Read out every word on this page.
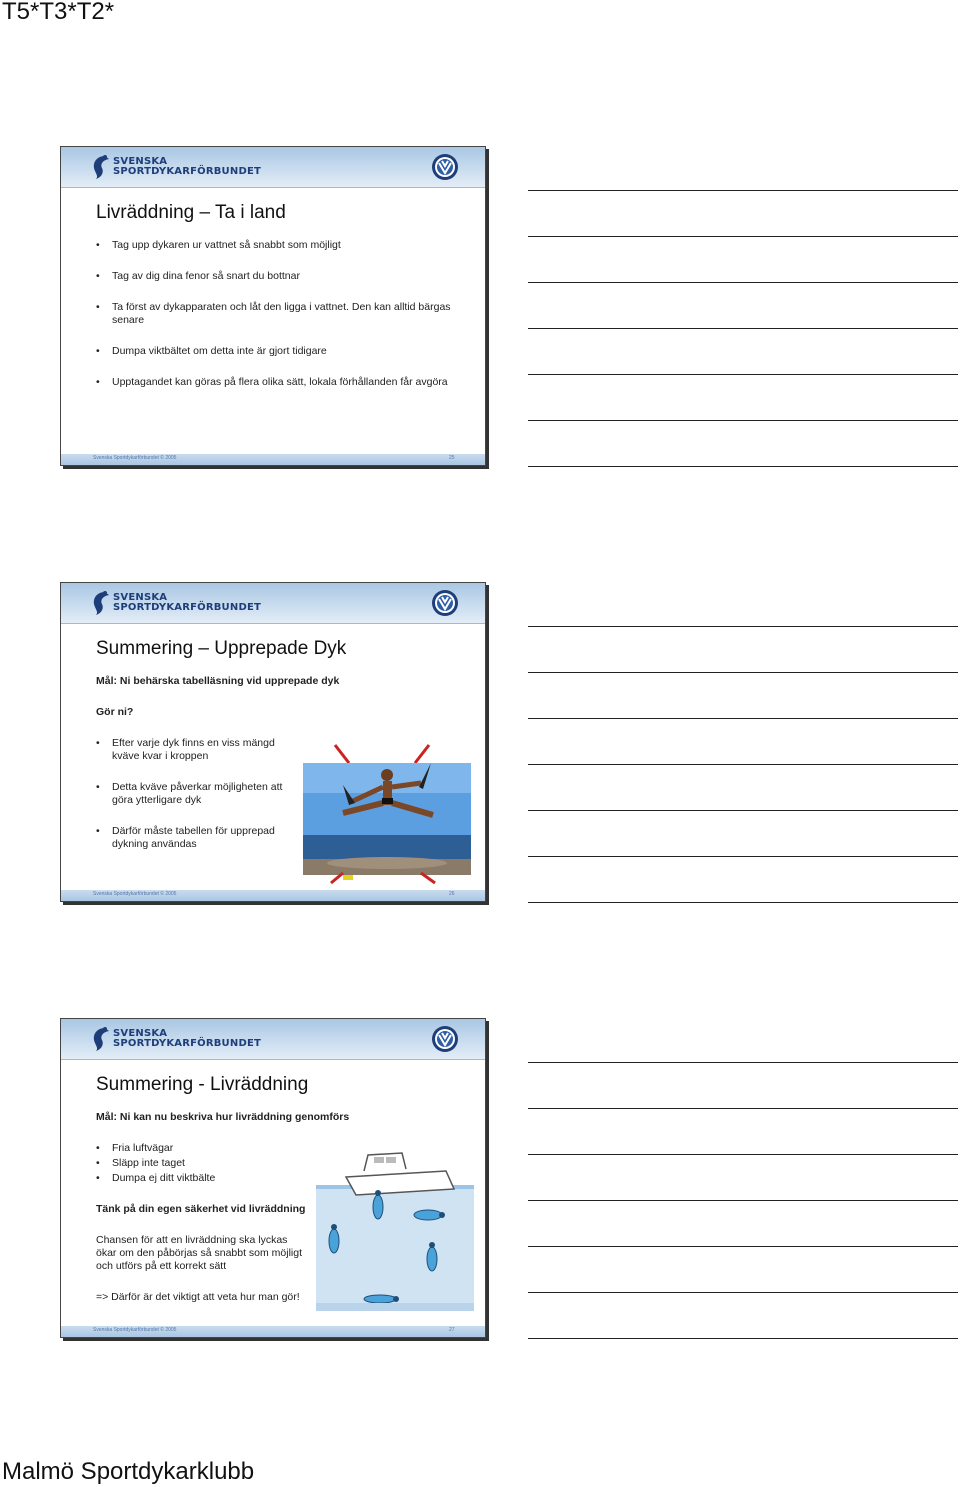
T5*T3*T2*
SVENSKA
SPORTDYKARFÖRBUNDET
Livräddning – Ta i land
• Tag upp dykaren ur vattnet så snabbt som möjligt
• Tag av dig dina fenor så snart du bottnar
• Ta först av dykapparaten och låt den ligga i vattnet. Den kan alltid bärgas senare
• Dumpa viktbältet om detta inte är gjort tidigare
• Upptagandet kan göras på flera olika sätt, lokala förhållanden får avgöra
Svenska Sportdykarförbundet © 2005	25
SVENSKA
SPORTDYKARFÖRBUNDET
Summering – Upprepade Dyk
Mål: Ni behärska tabelläsning vid upprepade dyk
Gör ni?
• Efter varje dyk finns en viss mängd kväve kvar i kroppen
• Detta kväve påverkar möjligheten att göra ytterligare dyk
• Därför måste tabellen för upprepad dykning användas
Svenska Sportdykarförbundet © 2005	26
SVENSKA
SPORTDYKARFÖRBUNDET
Summering - Livräddning
Mål: Ni kan nu beskriva hur livräddning genomförs
• Fria luftvägar
• Släpp inte taget
• Dumpa ej ditt viktbälte
Tänk på din egen säkerhet vid livräddning
Chansen för att en livräddning ska lyckas ökar om den påbörjas så snabbt som möjligt och utförs på ett korrekt sätt
=> Därför är det viktigt att veta hur man gör!
Svenska Sportdykarförbundet © 2005	27
Malmö Sportdykarklubb
